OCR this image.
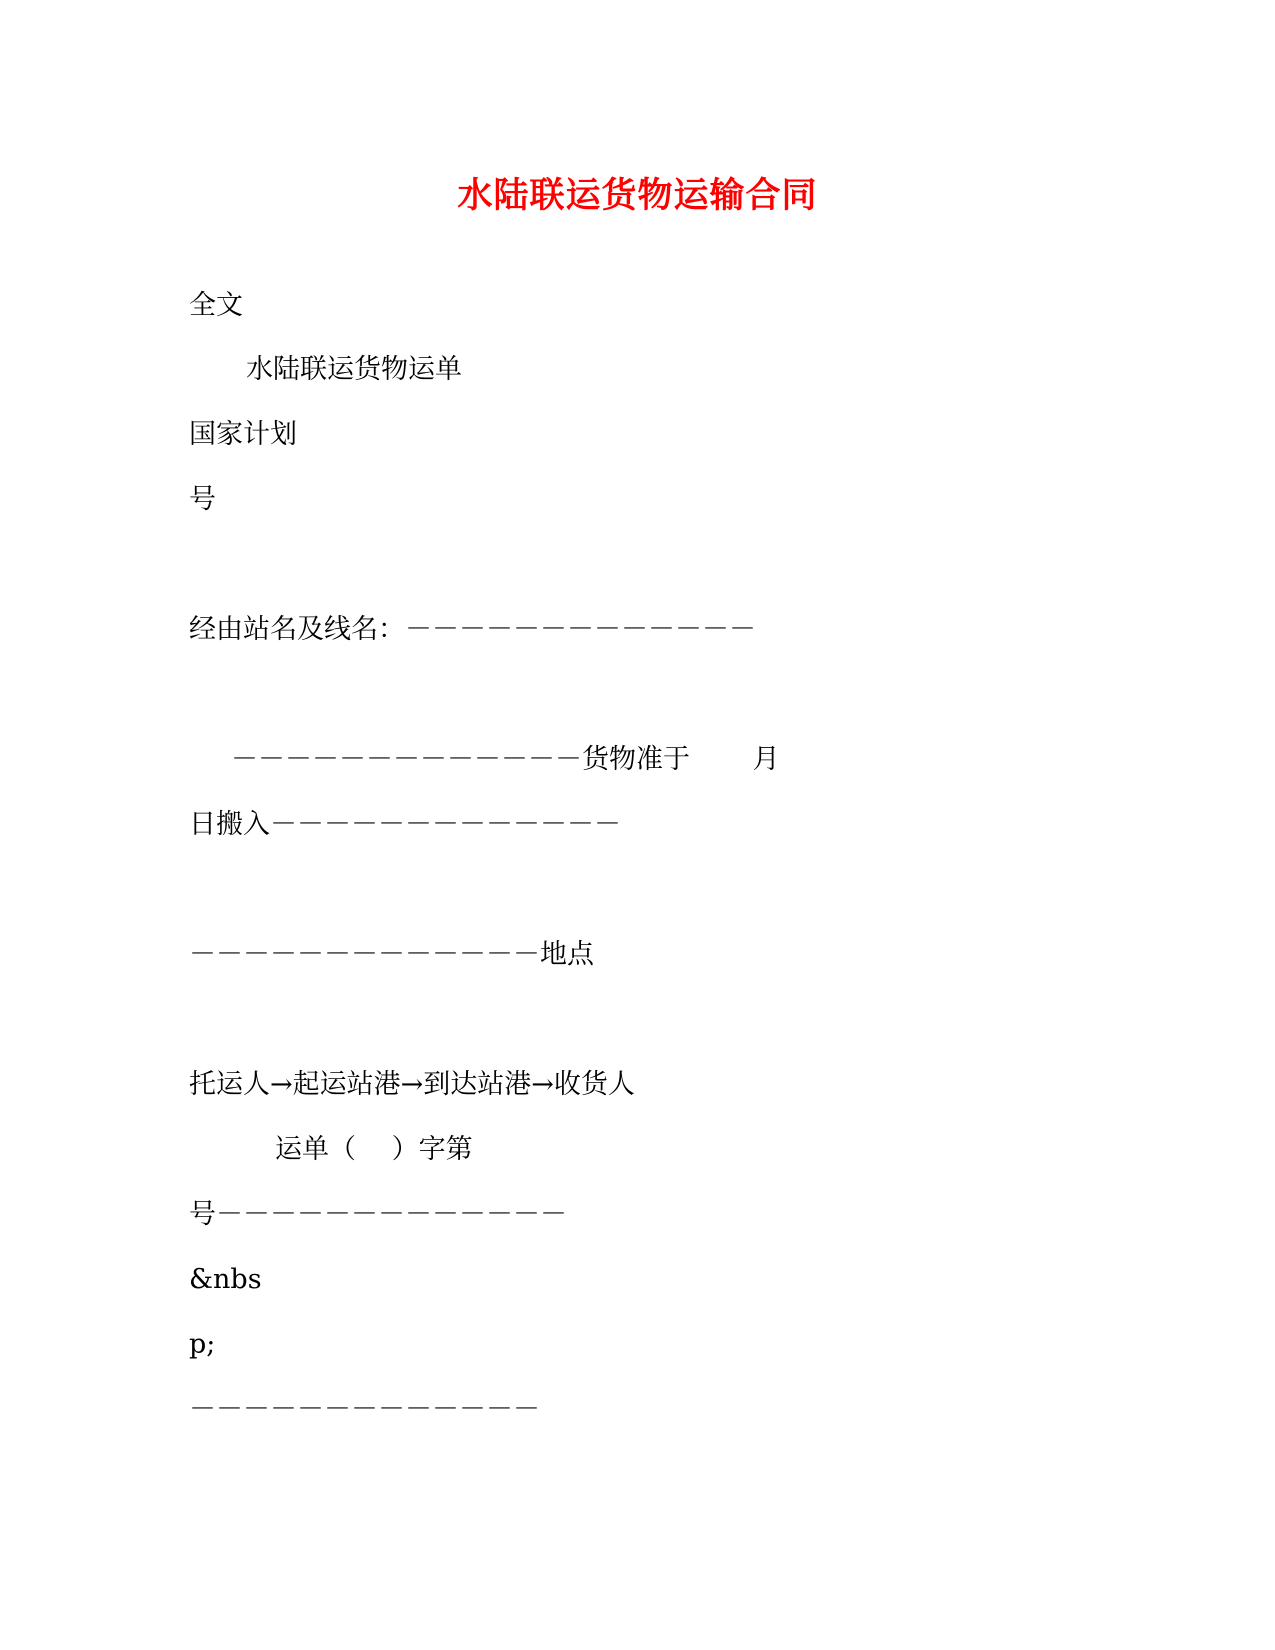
水陆联运货物运输合同
全文
水陆联运货物运单
国家计划
号
经由站名及线名：－－－－－－－－－－－－－
－－－－－－－－－－－－－货物准于　　 月
日搬入－－－－－－－－－－－－－
－－－－－－－－－－－－－地点
托运人→起运站港→到达站港→收货人
运单（　 ）字第
号－－－－－－－－－－－－－
&nbs
p;
－－－－－－－－－－－－－
